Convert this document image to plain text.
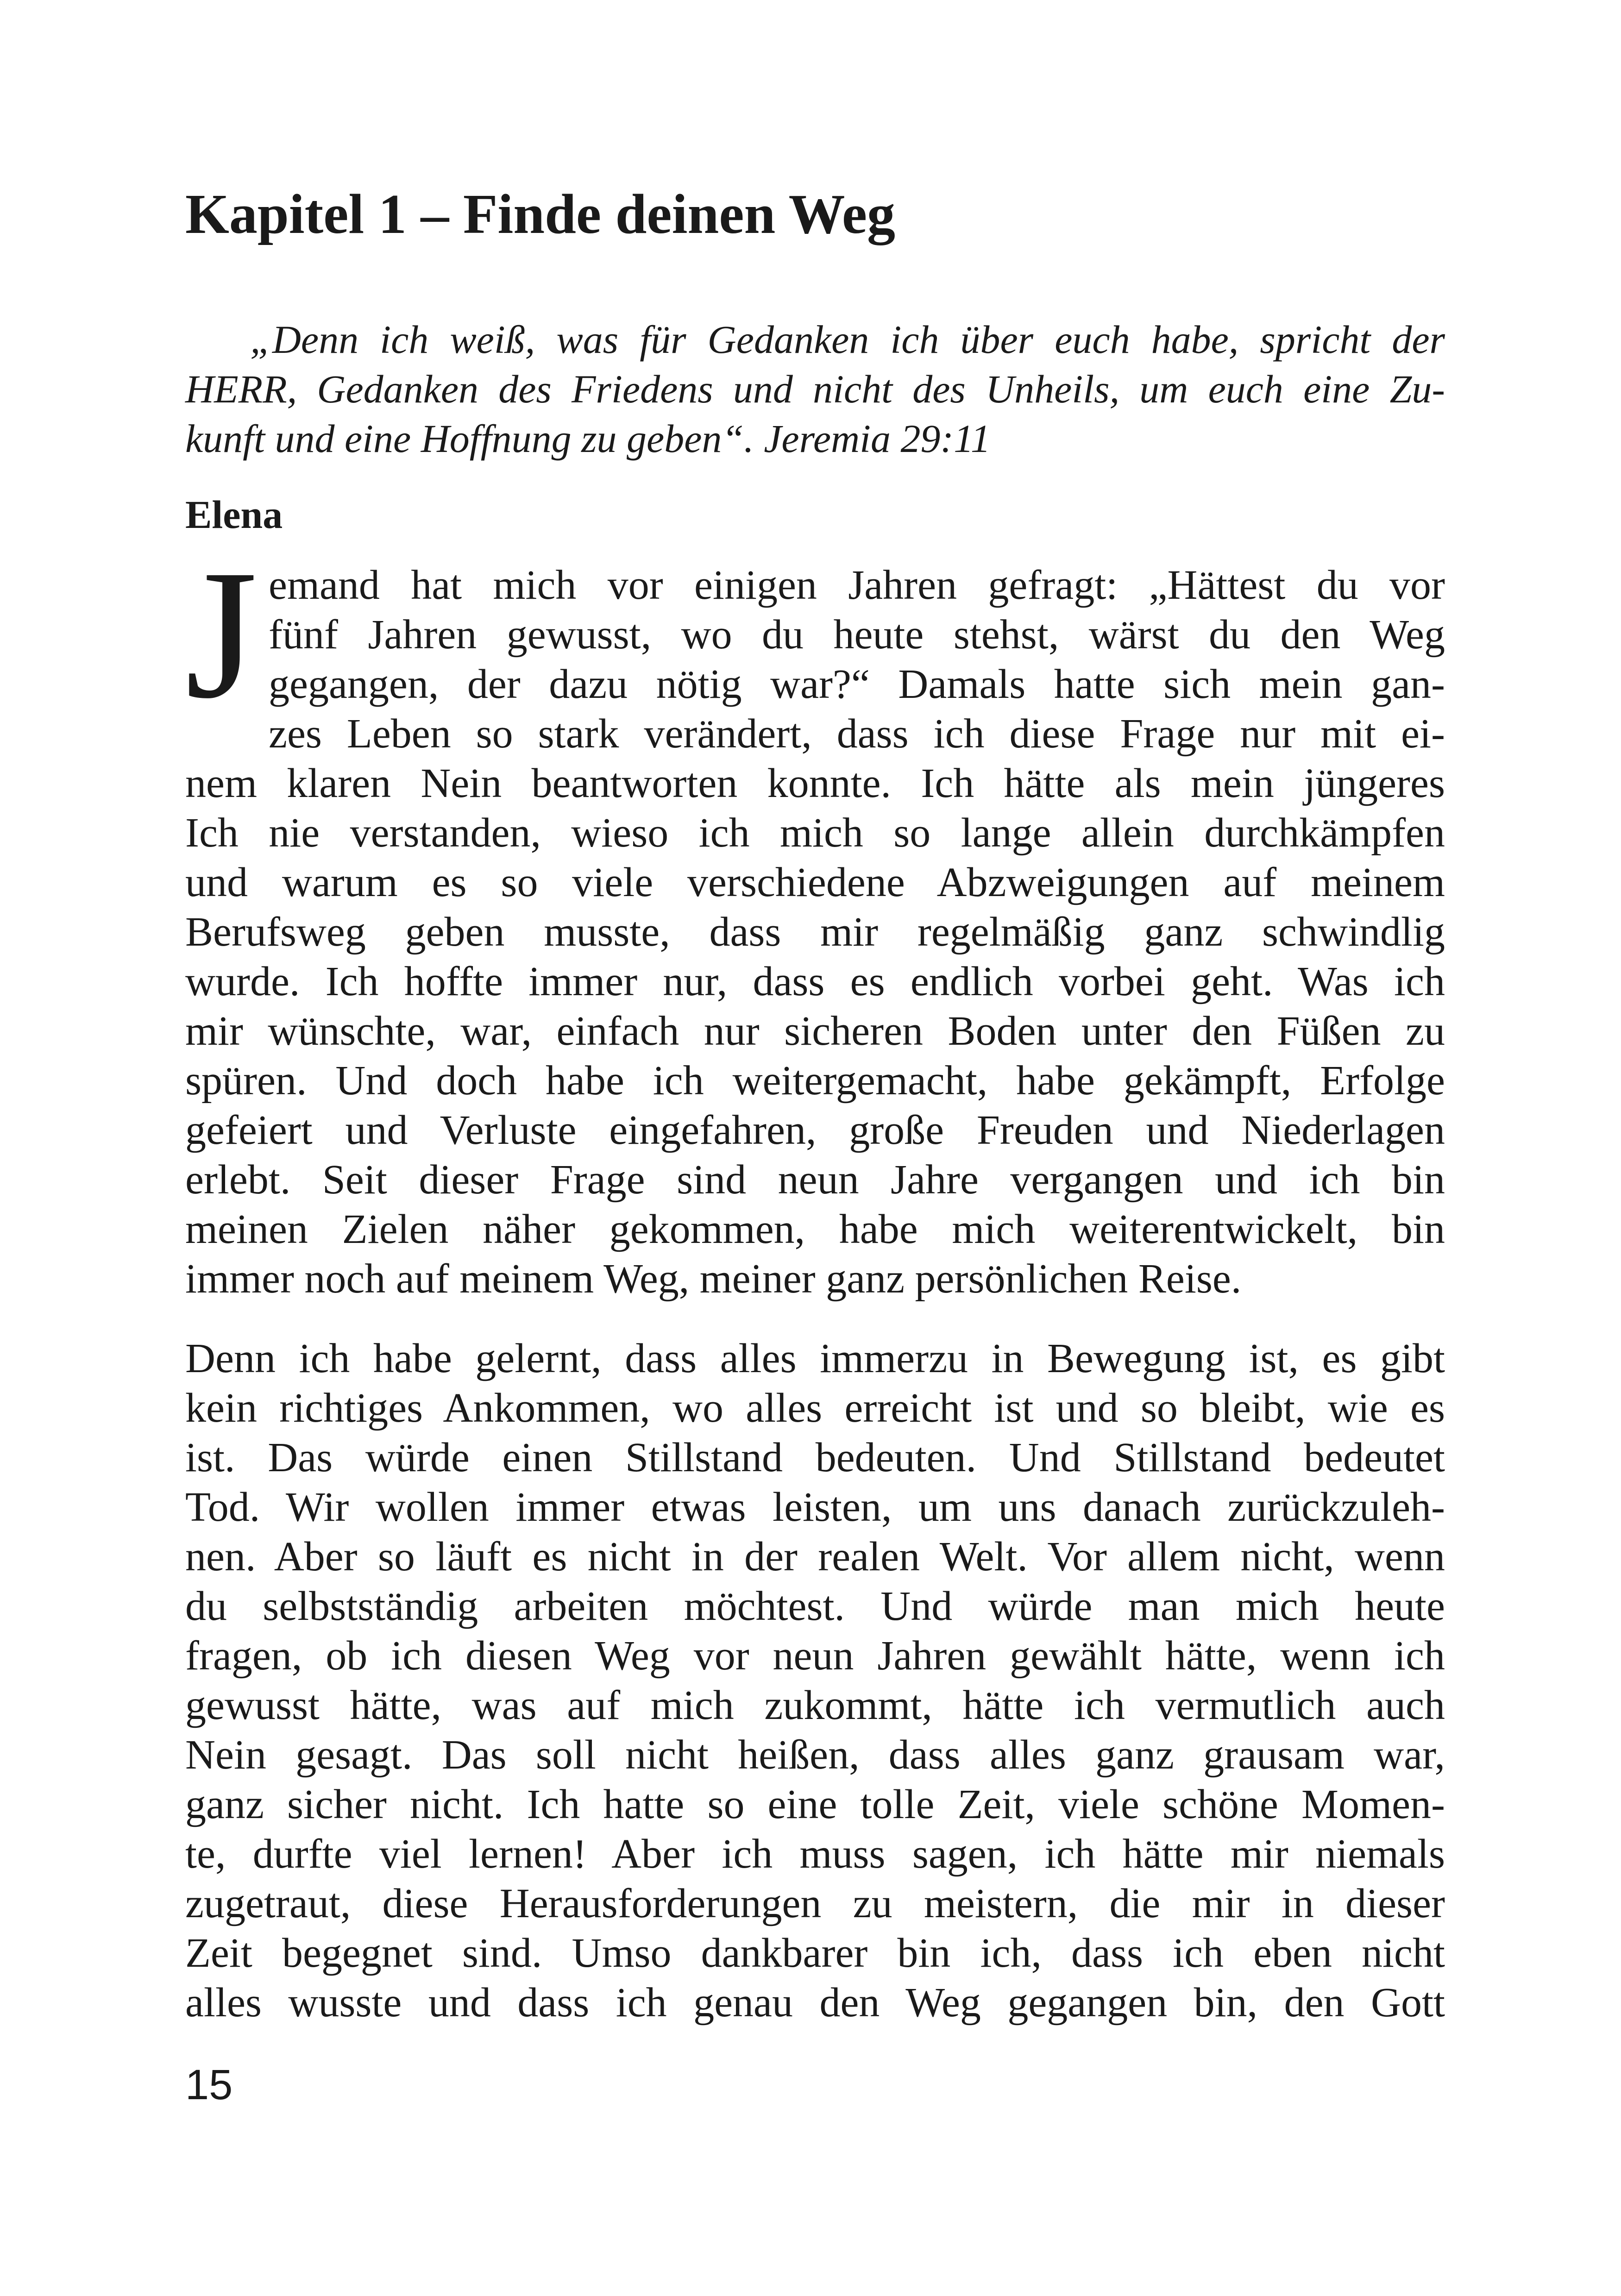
Kapitel 1 – Finde deinen Weg
„Denn ich weiß, was für Gedanken ich über euch habe, spricht der
HERR, Gedanken des Friedens und nicht des Unheils, um euch eine Zu-
kunft und eine Hoffnung zu geben“. Jeremia 29:11
Elena
J emand hat mich vor einigen Jahren gefragt: „Hättest du vor
fünf Jahren gewusst, wo du heute stehst, wärst du den Weg
gegangen, der dazu nötig war?“ Damals hatte sich mein gan-
zes Leben so stark verändert, dass ich diese Frage nur mit ei-
nem klaren Nein beantworten konnte. Ich hätte als mein jüngeres
Ich nie verstanden, wieso ich mich so lange allein durchkämpfen
und warum es so viele verschiedene Abzweigungen auf meinem
Berufsweg geben musste, dass mir regelmäßig ganz schwindlig
wurde. Ich hoffte immer nur, dass es endlich vorbei geht. Was ich
mir wünschte, war, einfach nur sicheren Boden unter den Füßen zu
spüren. Und doch habe ich weitergemacht, habe gekämpft, Erfolge
gefeiert und Verluste eingefahren, große Freuden und Niederlagen
erlebt. Seit dieser Frage sind neun Jahre vergangen und ich bin
meinen Zielen näher gekommen, habe mich weiterentwickelt, bin
immer noch auf meinem Weg, meiner ganz persönlichen Reise.
Denn ich habe gelernt, dass alles immerzu in Bewegung ist, es gibt
kein richtiges Ankommen, wo alles erreicht ist und so bleibt, wie es
ist. Das würde einen Stillstand bedeuten. Und Stillstand bedeutet
Tod. Wir wollen immer etwas leisten, um uns danach zurückzuleh-
nen. Aber so läuft es nicht in der realen Welt. Vor allem nicht, wenn
du selbstständig arbeiten möchtest. Und würde man mich heute
fragen, ob ich diesen Weg vor neun Jahren gewählt hätte, wenn ich
gewusst hätte, was auf mich zukommt, hätte ich vermutlich auch
Nein gesagt. Das soll nicht heißen, dass alles ganz grausam war,
ganz sicher nicht. Ich hatte so eine tolle Zeit, viele schöne Momen-
te, durfte viel lernen! Aber ich muss sagen, ich hätte mir niemals
zugetraut, diese Herausforderungen zu meistern, die mir in dieser
Zeit begegnet sind. Umso dankbarer bin ich, dass ich eben nicht
alles wusste und dass ich genau den Weg gegangen bin, den Gott
15
